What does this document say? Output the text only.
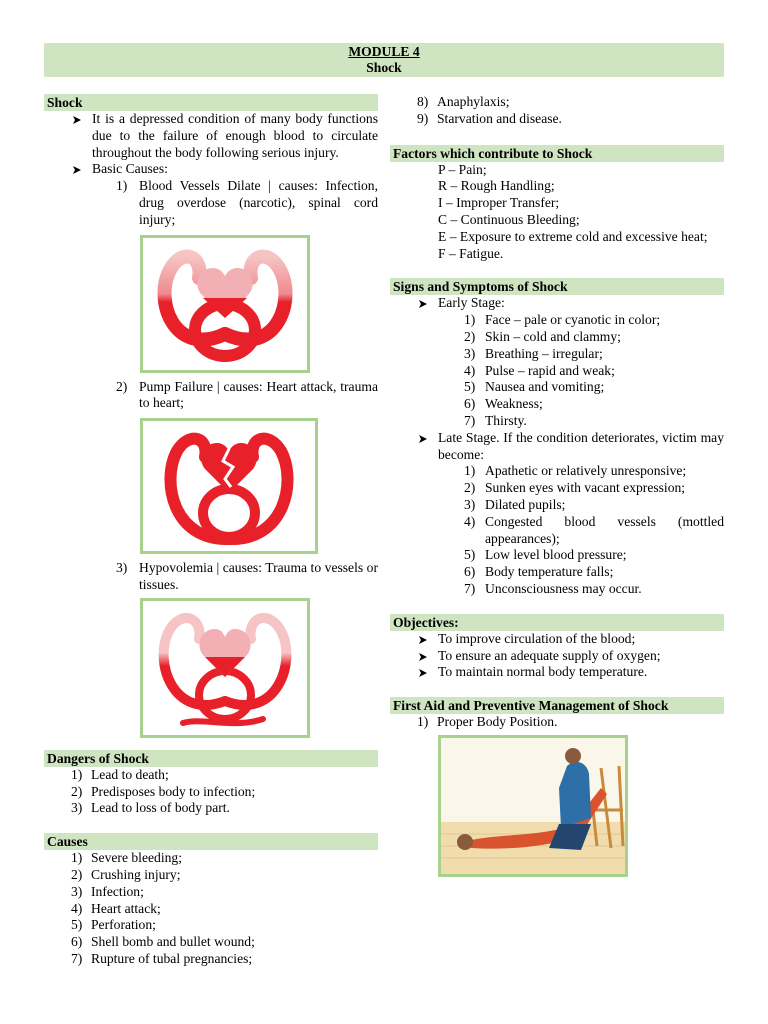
MODULE 4
Shock
Shock
It is a depressed condition of many body functions due to the failure of enough blood to circulate throughout the body following serious injury.
Basic Causes:
1) Blood Vessels Dilate | causes: Infection, drug overdose (narcotic), spinal cord injury;
2) Pump Failure | causes: Heart attack, trauma to heart;
3) Hypovolemia | causes: Trauma to vessels or tissues.
Dangers of Shock
1) Lead to death;
2) Predisposes body to infection;
3) Lead to loss of body part.
Causes
1) Severe bleeding;
2) Crushing injury;
3) Infection;
4) Heart attack;
5) Perforation;
6) Shell bomb and bullet wound;
7) Rupture of tubal pregnancies;
8) Anaphylaxis;
9) Starvation and disease.
Factors which contribute to Shock
P – Pain;
R – Rough Handling;
I – Improper Transfer;
C – Continuous Bleeding;
E – Exposure to extreme cold and excessive heat;
F – Fatigue.
Signs and Symptoms of Shock
Early Stage:
1) Face – pale or cyanotic in color;
2) Skin – cold and clammy;
3) Breathing – irregular;
4) Pulse – rapid and weak;
5) Nausea and vomiting;
6) Weakness;
7) Thirsty.
Late Stage. If the condition deteriorates, victim may become:
1) Apathetic or relatively unresponsive;
2) Sunken eyes with vacant expression;
3) Dilated pupils;
4) Congested blood vessels (mottled appearances);
5) Low level blood pressure;
6) Body temperature falls;
7) Unconsciousness may occur.
Objectives:
To improve circulation of the blood;
To ensure an adequate supply of oxygen;
To maintain normal body temperature.
First Aid and Preventive Management of Shock
1) Proper Body Position.
